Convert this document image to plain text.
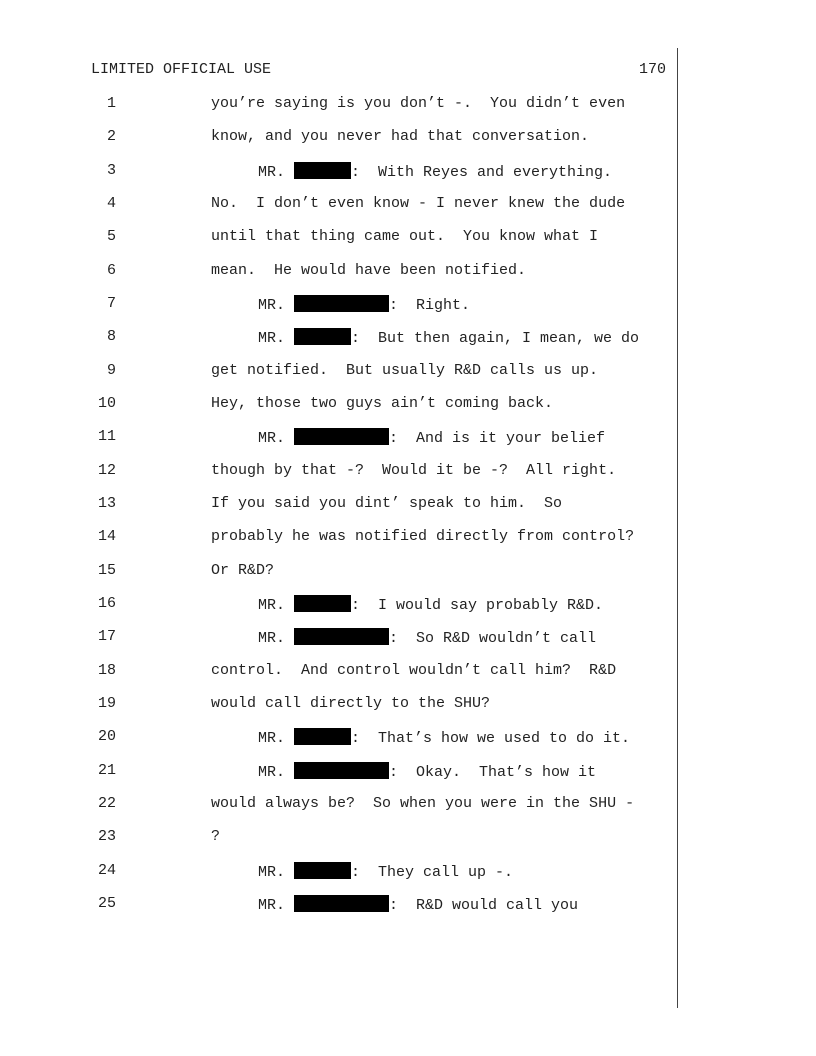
LIMITED OFFICIAL USE	170
1	you’re saying is you don’t -.  You didn’t even
2	know, and you never had that conversation.
3	MR.	:  With Reyes and everything.
4	No.  I don’t even know - I never knew the dude
5	until that thing came out.  You know what I
6	mean.  He would have been notified.
7	MR.	:  Right.
8	MR.	:  But then again, I mean, we do
9	get notified.  But usually R&D calls us up.
10	Hey, those two guys ain’t coming back.
11	MR.	:  And is it your belief
12	though by that -?  Would it be -?  All right.
13	If you said you dint’ speak to him.  So
14	probably he was notified directly from control?
15	Or R&D?
16	MR.	:  I would say probably R&D.
17	MR.	:  So R&D wouldn’t call
18	control.  And control wouldn’t call him?  R&D
19	would call directly to the SHU?
20	MR.	:  That’s how we used to do it.
21	MR.	:  Okay.  That’s how it
22	would always be?  So when you were in the SHU -
23	?
24	MR.	:  They call up -.
25	MR.	:  R&D would call you
